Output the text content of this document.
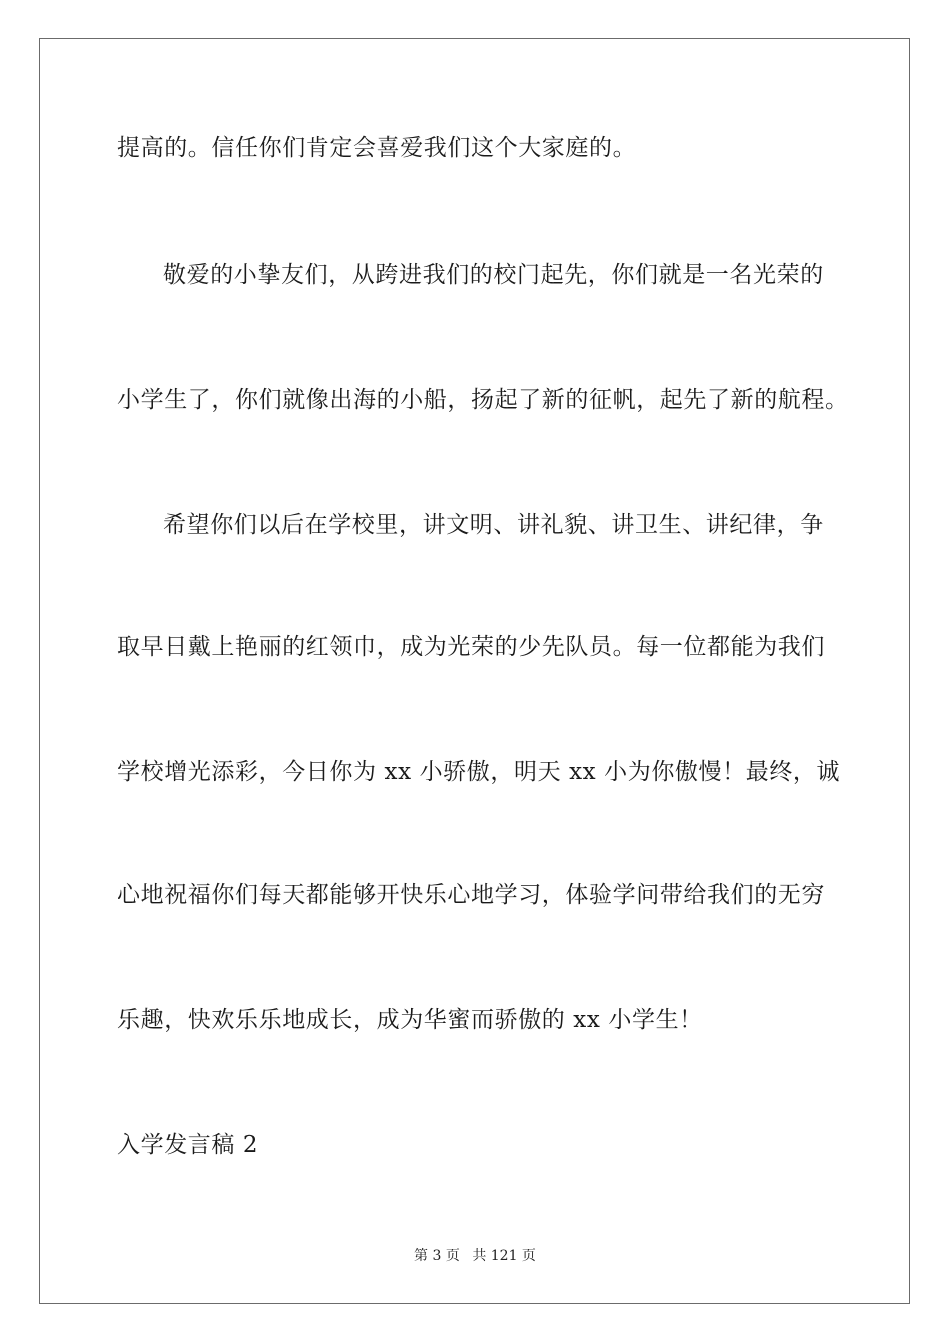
提高的。信任你们肯定会喜爱我们这个大家庭的。
敬爱的小挚友们，从跨进我们的校门起先，你们就是一名光荣的
小学生了，你们就像出海的小船，扬起了新的征帆，起先了新的航程。
希望你们以后在学校里，讲文明、讲礼貌、讲卫生、讲纪律，争
取早日戴上艳丽的红领巾，成为光荣的少先队员。每一位都能为我们
学校增光添彩，今日你为 xx 小骄傲，明天 xx 小为你傲慢！最终，诚
心地祝福你们每天都能够开快乐心地学习，体验学问带给我们的无穷
乐趣，快欢乐乐地成长，成为华蜜而骄傲的 xx 小学生！
入学发言稿 2
第 3 页 共 121 页
